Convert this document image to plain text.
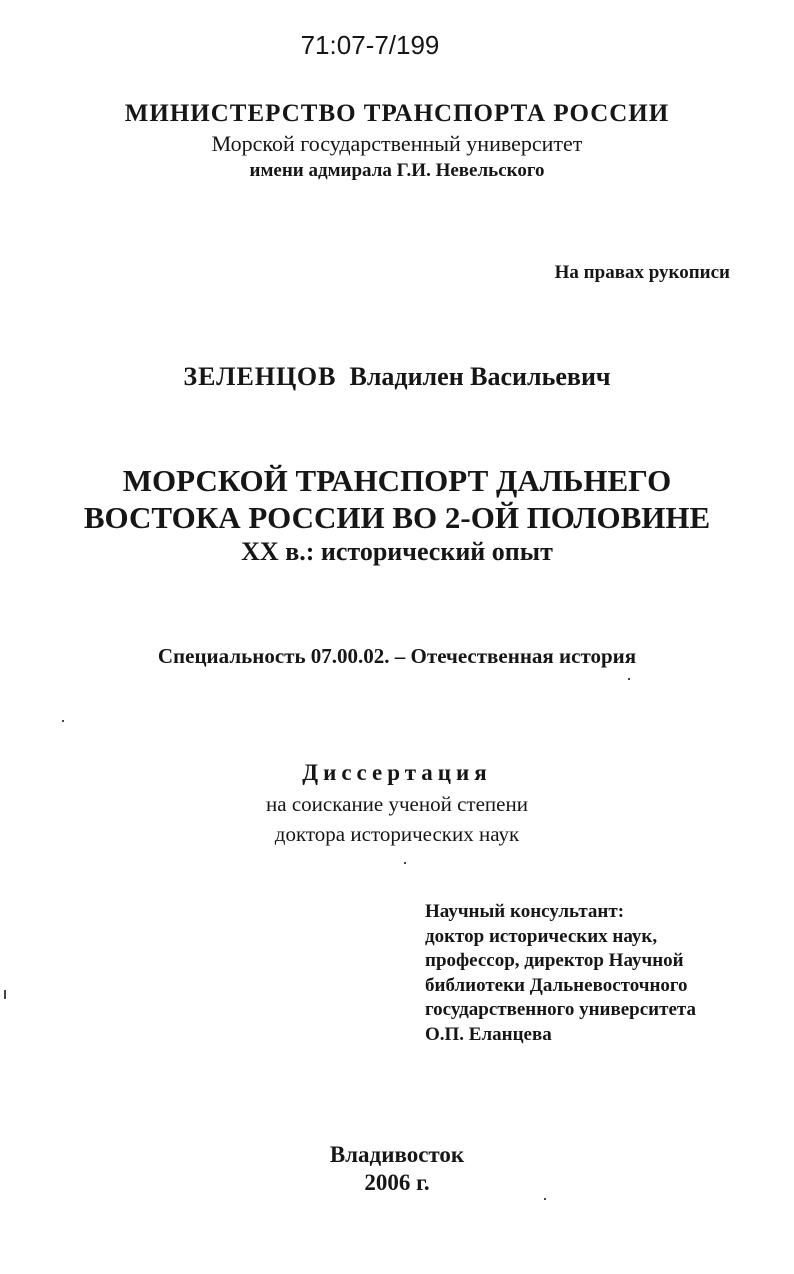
71:07-7/199
МИНИСТЕРСТВО ТРАНСПОРТА РОССИИ
Морской государственный университет
имени адмирала Г.И. Невельского
На правах рукописи
ЗЕЛЕНЦОВ Владилен Васильевич
МОРСКОЙ ТРАНСПОРТ ДАЛЬНЕГО
ВОСТОКА РОССИИ ВО 2-ОЙ ПОЛОВИНЕ
ХХ в.: исторический опыт
Специальность 07.00.02. – Отечественная история
Диссертация
на соискание ученой степени
доктора исторических наук
Научный консультант:
доктор исторических наук,
профессор, директор Научной
библиотеки Дальневосточного
государственного университета
О.П. Еланцева
Владивосток
2006 г.
